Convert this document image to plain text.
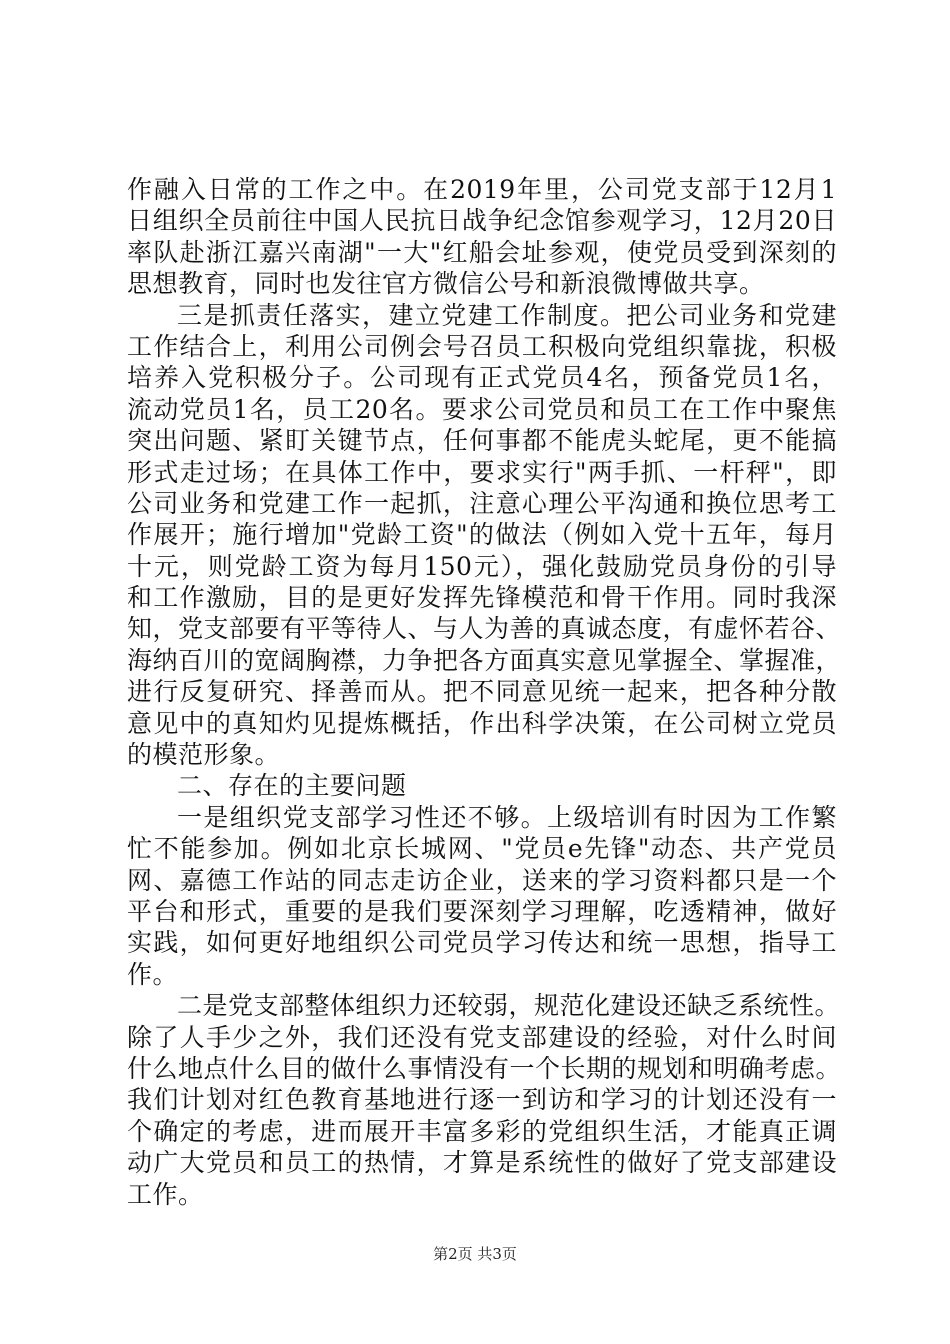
作融入日常的工作之中。在2019年里，公司党支部于12月1
日组织全员前往中国人民抗日战争纪念馆参观学习，12月20日
率队赴浙江嘉兴南湖"一大"红船会址参观，使党员受到深刻的
思想教育，同时也发往官方微信公号和新浪微博做共享。
三是抓责任落实，建立党建工作制度。把公司业务和党建
工作结合上，利用公司例会号召员工积极向党组织靠拢，积极
培养入党积极分子。公司现有正式党员4名，预备党员1名，
流动党员1名，员工20名。要求公司党员和员工在工作中聚焦
突出问题、紧盯关键节点，任何事都不能虎头蛇尾，更不能搞
形式走过场；在具体工作中，要求实行"两手抓、一杆秤"，即
公司业务和党建工作一起抓，注意心理公平沟通和换位思考工
作展开；施行增加"党龄工资"的做法（例如入党十五年，每月
十元，则党龄工资为每月150元），强化鼓励党员身份的引导
和工作激励，目的是更好发挥先锋模范和骨干作用。同时我深
知，党支部要有平等待人、与人为善的真诚态度，有虚怀若谷、
海纳百川的宽阔胸襟，力争把各方面真实意见掌握全、掌握准，
进行反复研究、择善而从。把不同意见统一起来，把各种分散
意见中的真知灼见提炼概括，作出科学决策，在公司树立党员
的模范形象。
二、存在的主要问题
一是组织党支部学习性还不够。上级培训有时因为工作繁
忙不能参加。例如北京长城网、"党员e先锋"动态、共产党员
网、嘉德工作站的同志走访企业，送来的学习资料都只是一个
平台和形式，重要的是我们要深刻学习理解，吃透精神，做好
实践，如何更好地组织公司党员学习传达和统一思想，指导工
作。
二是党支部整体组织力还较弱，规范化建设还缺乏系统性。
除了人手少之外，我们还没有党支部建设的经验，对什么时间
什么地点什么目的做什么事情没有一个长期的规划和明确考虑。
我们计划对红色教育基地进行逐一到访和学习的计划还没有一
个确定的考虑，进而展开丰富多彩的党组织生活，才能真正调
动广大党员和员工的热情，才算是系统性的做好了党支部建设
工作。
第2页 共3页
